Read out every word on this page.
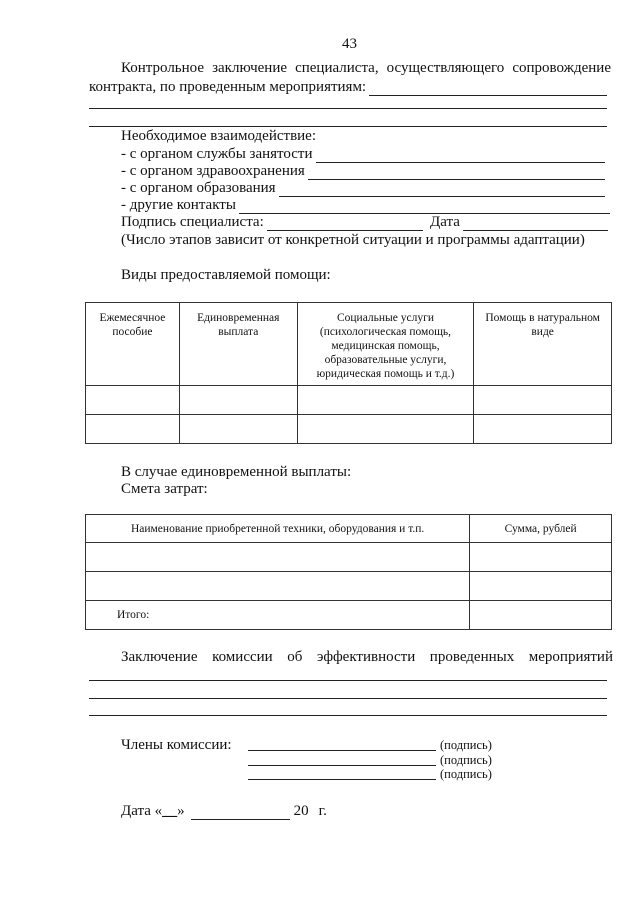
43
Контрольное заключение специалиста, осуществляющего сопровождение
контракта, по проведенным мероприятиям:
Необходимое взаимодействие:
- с органом службы занятости
- с органом здравоохранения
- с органом образования
- другие контакты
Подпись специалиста:	Дата
(Число этапов зависит от конкретной ситуации и программы адаптации)
Виды предоставляемой помощи:
Ежемесячное пособие	Единовременная выплата	Социальные услуги (психологическая помощь, медицинская помощь, образовательные услуги, юридическая помощь и т.д.)	Помощь в натуральном виде

В случае единовременной выплаты:
Смета затрат:
Наименование приобретенной техники, оборудования и т.п.	Сумма, рублей

Итого:	
Заключение комиссии об эффективности проведенных мероприятий
Члены комиссии:	(подпись)
(подпись)
(подпись)
Дата « __ »	20 г.
